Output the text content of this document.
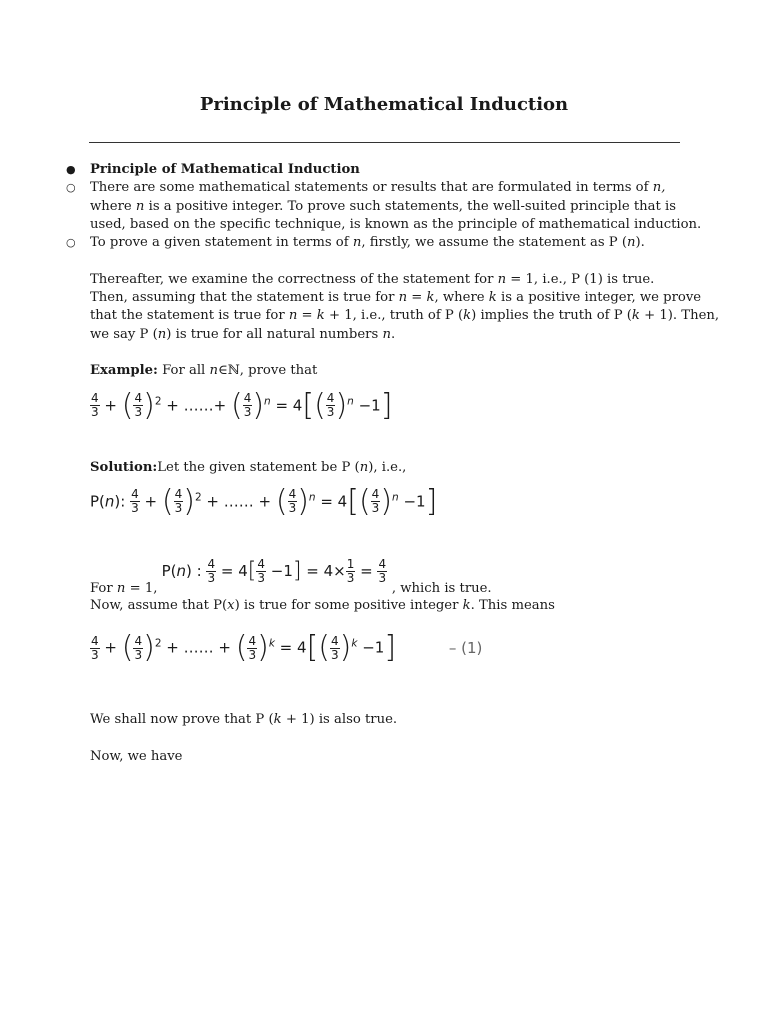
Principle of Mathematical Induction
● Principle of Mathematical Induction
○ There are some mathematical statements or results that are formulated in terms of n,
where n is a positive integer. To prove such statements, the well-suited principle that is
used, based on the specific technique, is known as the principle of mathematical induction.
○ To prove a given statement in terms of n, firstly, we assume the statement as P (n).
Thereafter, we examine the correctness of the statement for n = 1, i.e., P (1) is true.
Then, assuming that the statement is true for n = k, where k is a positive integer, we prove
that the statement is true for n = k + 1, i.e., truth of P (k) implies the truth of P (k + 1). Then,
we say P (n) is true for all natural numbers n.
Example: For all n∈ℕ, prove that
$\frac{4}{3}$ + ( $\frac{4}{3} )^2$ + ……+ ( $\frac{4}{3} )^n = 4[( \frac{4}{3} )^n -1]$
Solution:Let the given statement be P (n), i.e.,
P(n): $\frac{4}{3}$ + ( $\frac{4}{3} )^2$ + …… + ( $\frac{4}{3} )^n = 4[( \frac{4}{3} )^n -1]$
For n = 1, P(n) : $\frac{4}{3} = 4[ \frac{4}{3} -1] = 4\times \frac{1}{3} = \frac{4}{3}$
, which is true.
Now, assume that P(x) is true for some positive integer k. This means
$\frac{4}{3}$ + ( $\frac{4}{3} )^2$ + …… + ( $\frac{4}{3} )^k = 4[( \frac{4}{3} )^k -1]$	– (1)
We shall now prove that P (k + 1) is also true.
Now, we have
